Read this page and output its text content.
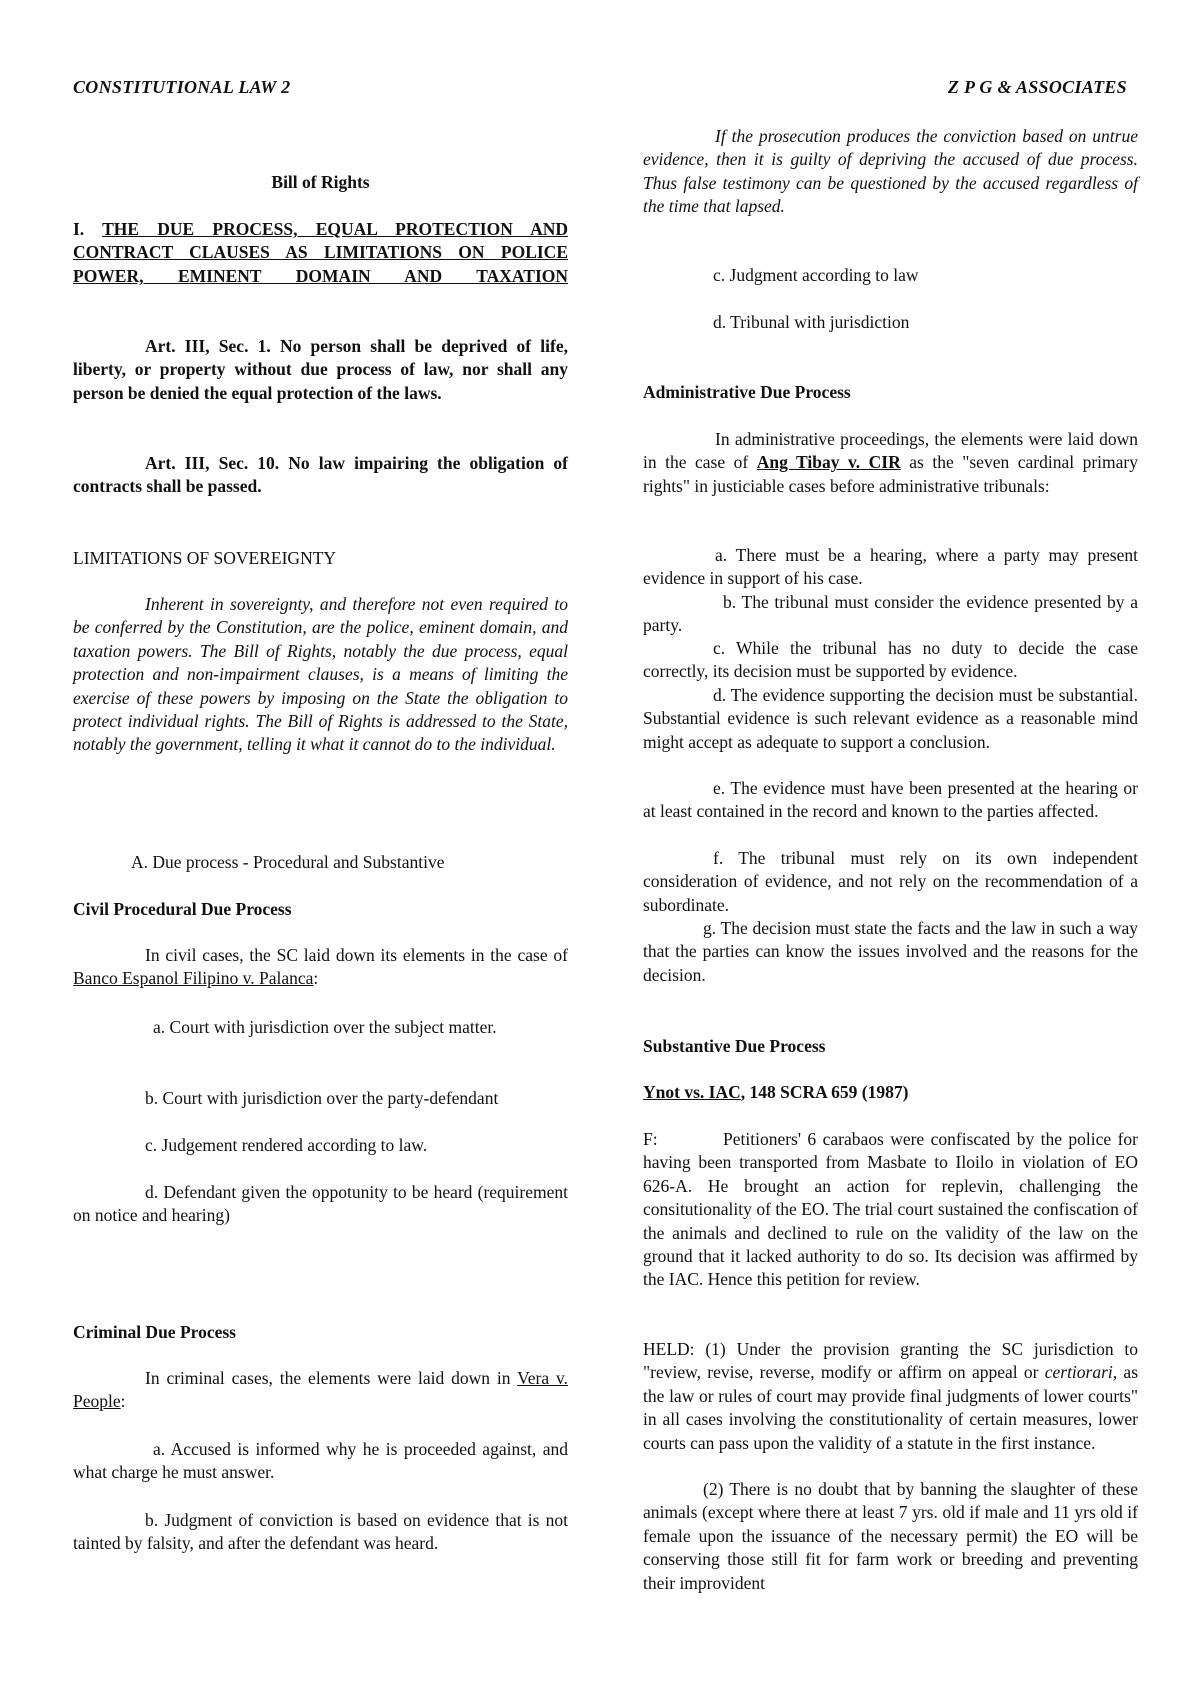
CONSTITUTIONAL LAW 2	Z P G & ASSOCIATES

Bill of Rights

I. THE DUE PROCESS, EQUAL PROTECTION AND CONTRACT CLAUSES AS LIMITATIONS ON POLICE POWER, EMINENT DOMAIN AND TAXATION

Art. III, Sec. 1. No person shall be deprived of life, liberty, or property without due process of law, nor shall any person be denied the equal protection of the laws.

Art. III, Sec. 10. No law impairing the obligation of contracts shall be passed.

LIMITATIONS OF SOVEREIGNTY

Inherent in sovereignty, and therefore not even required to be conferred by the Constitution, are the police, eminent domain, and taxation powers. The Bill of Rights, notably the due process, equal protection and non-impairment clauses, is a means of limiting the exercise of these powers by imposing on the State the obligation to protect individual rights. The Bill of Rights is addressed to the State, notably the government, telling it what it cannot do to the individual.

A. Due process - Procedural and Substantive

Civil Procedural Due Process

In civil cases, the SC laid down its elements in the case of Banco Espanol Filipino v. Palanca:

a. Court with jurisdiction over the subject matter.

b. Court with jurisdiction over the party-defendant

c. Judgement rendered according to law.

d. Defendant given the oppotunity to be heard (requirement on notice and hearing)

Criminal Due Process

In criminal cases, the elements were laid down in Vera v. People:

a. Accused is informed why he is proceeded against, and what charge he must answer.

b. Judgment of conviction is based on evidence that is not tainted by falsity, and after the defendant was heard.

If the prosecution produces the conviction based on untrue evidence, then it is guilty of depriving the accused of due process. Thus false testimony can be questioned by the accused regardless of the time that lapsed.

c. Judgment according to law

d. Tribunal with jurisdiction

Administrative Due Process

In administrative proceedings, the elements were laid down in the case of Ang Tibay v. CIR as the "seven cardinal primary rights" in justiciable cases before administrative tribunals:

a. There must be a hearing, where a party may present evidence in support of his case.

b. The tribunal must consider the evidence presented by a party.

c. While the tribunal has no duty to decide the case correctly, its decision must be supported by evidence.

d. The evidence supporting the decision must be substantial. Substantial evidence is such relevant evidence as a reasonable mind might accept as adequate to support a conclusion.

e. The evidence must have been presented at the hearing or at least contained in the record and known to the parties affected.

f. The tribunal must rely on its own independent consideration of evidence, and not rely on the recommendation of a subordinate.

g. The decision must state the facts and the law in such a way that the parties can know the issues involved and the reasons for the decision.

Substantive Due Process

Ynot vs. IAC, 148 SCRA 659 (1987)

F:	Petitioners' 6 carabaos were confiscated by the police for having been transported from Masbate to Iloilo in violation of EO 626-A. He brought an action for replevin, challenging the consitutionality of the EO. The trial court sustained the confiscation of the animals and declined to rule on the validity of the law on the ground that it lacked authority to do so. Its decision was affirmed by the IAC. Hence this petition for review.

HELD: (1) Under the provision granting the SC jurisdiction to "review, revise, reverse, modify or affirm on appeal or certiorari, as the law or rules of court may provide final judgments of lower courts" in all cases involving the constitutionality of certain measures, lower courts can pass upon the validity of a statute in the first instance.

(2) There is no doubt that by banning the slaughter of these animals (except where there at least 7 yrs. old if male and 11 yrs old if female upon the issuance of the necessary permit) the EO will be conserving those still fit for farm work or breeding and preventing their improvident
